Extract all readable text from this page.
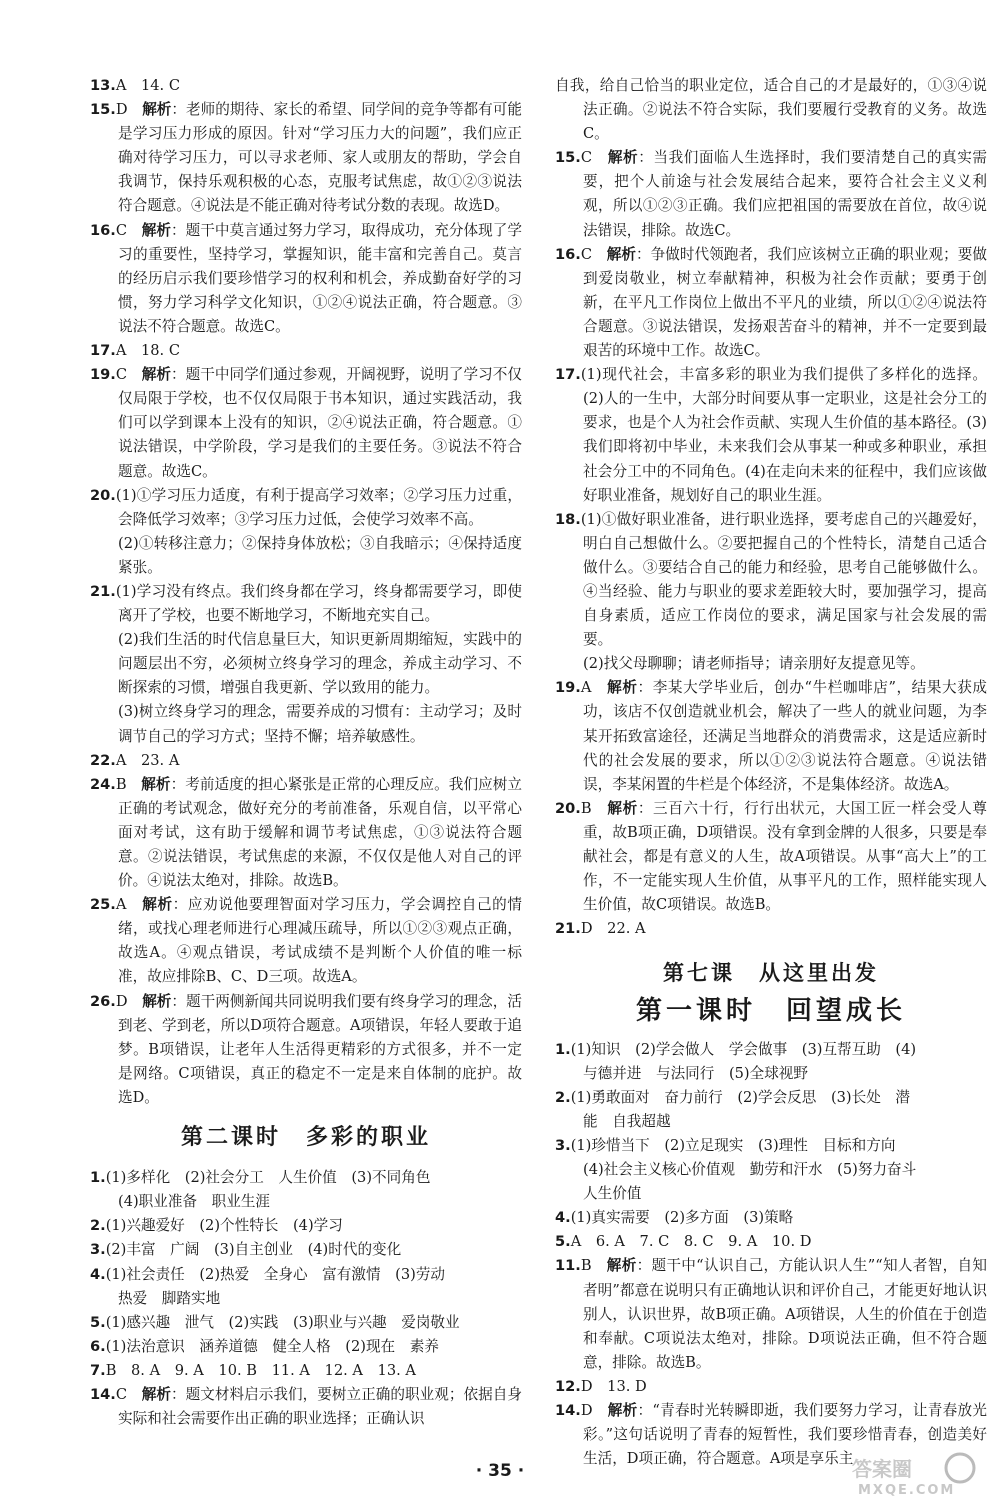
13.A　14. C
15.D　解析：老师的期待、家长的希望、同学间的竞争等都有可能是学习压力形成的原因。针对“学习压力大的问题”，我们应正确对待学习压力，可以寻求老师、家人或朋友的帮助，学会自我调节，保持乐观积极的心态，克服考试焦虑，故①②③说法符合题意。④说法是不能正确对待考试分数的表现。故选D。
16.C　解析：题干中莫言通过努力学习，取得成功，充分体现了学习的重要性，坚持学习，掌握知识，能丰富和完善自己。莫言的经历启示我们要珍惜学习的权利和机会，养成勤奋好学的习惯，努力学习科学文化知识，①②④说法正确，符合题意。③说法不符合题意。故选C。
17.A　18. C
19.C　解析：题干中同学们通过参观，开阔视野，说明了学习不仅仅局限于学校，也不仅仅局限于书本知识，通过实践活动，我们可以学到课本上没有的知识，②④说法正确，符合题意。①说法错误，中学阶段，学习是我们的主要任务。③说法不符合题意。故选C。
20.(1)①学习压力适度，有利于提高学习效率；②学习压力过重，会降低学习效率；③学习压力过低，会使学习效率不高。
(2)①转移注意力；②保持身体放松；③自我暗示；④保持适度紧张。
21.(1)学习没有终点。我们终身都在学习，终身都需要学习，即使离开了学校，也要不断地学习，不断地充实自己。
(2)我们生活的时代信息量巨大，知识更新周期缩短，实践中的问题层出不穷，必须树立终身学习的理念，养成主动学习、不断探索的习惯，增强自我更新、学以致用的能力。
(3)树立终身学习的理念，需要养成的习惯有：主动学习；及时调节自己的学习方式；坚持不懈；培养敏感性。
22.A　23. A
24.B　解析：考前适度的担心紧张是正常的心理反应。我们应树立正确的考试观念，做好充分的考前准备，乐观自信，以平常心面对考试，这有助于缓解和调节考试焦虑，①③说法符合题意。②说法错误，考试焦虑的来源，不仅仅是他人对自己的评价。④说法太绝对，排除。故选B。
25.A　解析：应劝说他要理智面对学习压力，学会调控自己的情绪，或找心理老师进行心理减压疏导，所以①②③观点正确，故选A。④观点错误，考试成绩不是判断个人价值的唯一标准，故应排除B、C、D三项。故选A。
26.D　解析：题干两侧新闻共同说明我们要有终身学习的理念，活到老、学到老，所以D项符合题意。A项错误，年轻人要敢于追梦。B项错误，让老年人生活得更精彩的方式很多，并不一定是网络。C项错误，真正的稳定不一定是来自体制的庇护。故选D。
第二课时　多彩的职业
1.(1)多样化　(2)社会分工　人生价值　(3)不同角色
(4)职业准备　职业生涯
2.(1)兴趣爱好　(2)个性特长　(4)学习
3.(2)丰富　广阔　(3)自主创业　(4)时代的变化
4.(1)社会责任　(2)热爱　全身心　富有激情　(3)劳动
热爱　脚踏实地
5.(1)感兴趣　泄气　(2)实践　(3)职业与兴趣　爱岗敬业
6.(1)法治意识　涵养道德　健全人格　(2)现在　素养
7.B　8. A　9. A　10. B　11. A　12. A　13. A
14.C　解析：题文材料启示我们，要树立正确的职业观；依据自身实际和社会需要作出正确的职业选择；正确认识
自我，给自己恰当的职业定位，适合自己的才是最好的，①③④说法正确。②说法不符合实际，我们要履行受教育的义务。故选C。
15.C　解析：当我们面临人生选择时，我们要清楚自己的真实需要，把个人前途与社会发展结合起来，要符合社会主义义利观，所以①②③正确。我们应把祖国的需要放在首位，故④说法错误，排除。故选C。
16.C　解析：争做时代领跑者，我们应该树立正确的职业观；要做到爱岗敬业，树立奉献精神，积极为社会作贡献；要勇于创新，在平凡工作岗位上做出不平凡的业绩，所以①②④说法符合题意。③说法错误，发扬艰苦奋斗的精神，并不一定要到最艰苦的环境中工作。故选C。
17.(1)现代社会，丰富多彩的职业为我们提供了多样化的选择。(2)人的一生中，大部分时间要从事一定职业，这是社会分工的要求，也是个人为社会作贡献、实现人生价值的基本路径。(3)我们即将初中毕业，未来我们会从事某一种或多种职业，承担社会分工中的不同角色。(4)在走向未来的征程中，我们应该做好职业准备，规划好自己的职业生涯。
18.(1)①做好职业准备，进行职业选择，要考虑自己的兴趣爱好，明白自己想做什么。②要把握自己的个性特长，清楚自己适合做什么。③要结合自己的能力和经验，思考自己能够做什么。④当经验、能力与职业的要求差距较大时，要加强学习，提高自身素质，适应工作岗位的要求，满足国家与社会发展的需要。
(2)找父母聊聊；请老师指导；请亲朋好友提意见等。
19.A　解析：李某大学毕业后，创办“牛栏咖啡店”，结果大获成功，该店不仅创造就业机会，解决了一些人的就业问题，为李某开拓致富途径，还满足当地群众的消费需求，这是适应新时代的社会发展的要求，所以①②③说法符合题意。④说法错误，李某闲置的牛栏是个体经济，不是集体经济。故选A。
20.B　解析：三百六十行，行行出状元，大国工匠一样会受人尊重，故B项正确，D项错误。没有拿到金牌的人很多，只要是奉献社会，都是有意义的人生，故A项错误。从事“高大上”的工作，不一定能实现人生价值，从事平凡的工作，照样能实现人生价值，故C项错误。故选B。
21.D　22. A
第七课　从这里出发
第一课时　回望成长
1.(1)知识　(2)学会做人　学会做事　(3)互帮互助　(4)
与德并进　与法同行　(5)全球视野
2.(1)勇敢面对　奋力前行　(2)学会反思　(3)长处　潜
能　自我超越
3.(1)珍惜当下　(2)立足现实　(3)理性　目标和方向
(4)社会主义核心价值观　勤劳和汗水　(5)努力奋斗
人生价值
4.(1)真实需要　(2)多方面　(3)策略
5.A　6. A　7. C　8. C　9. A　10. D
11.B　解析：题干中“认识自己，方能认识人生”“知人者智，自知者明”都意在说明只有正确地认识和评价自己，才能更好地认识别人，认识世界，故B项正确。A项错误，人生的价值在于创造和奉献。C项说法太绝对，排除。D项说法正确，但不符合题意，排除。故选B。
12.D　13. D
14.D　解析：“青春时光转瞬即逝，我们要努力学习，让青春放光彩。”这句话说明了青春的短暂性，我们要珍惜青春，创造美好生活，D项正确，符合题意。A项是享乐主
· 35 ·	答案圈
MXQE.COM
